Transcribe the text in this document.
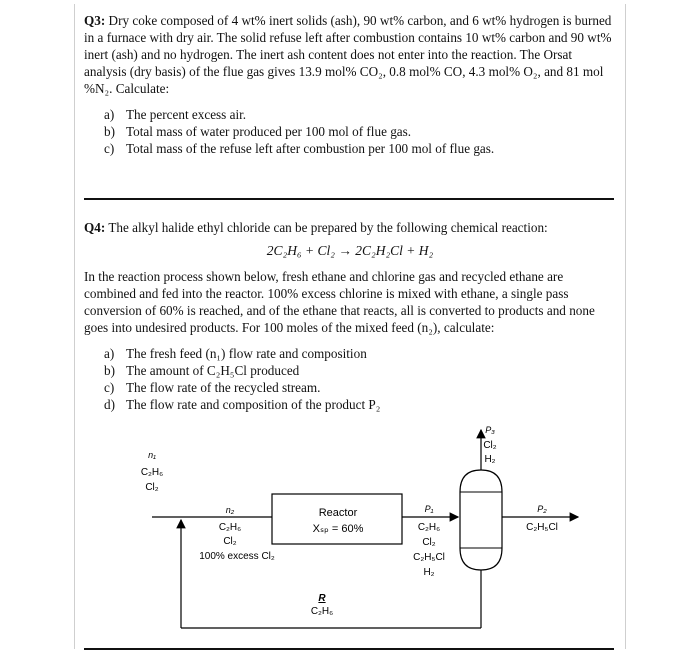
Q3: Dry coke composed of 4 wt% inert solids (ash), 90 wt% carbon, and 6 wt% hydrogen is burned in a furnace with dry air. The solid refuse left after combustion contains 10 wt% carbon and 90 wt% inert (ash) and no hydrogen. The inert ash content does not enter into the reaction. The Orsat analysis (dry basis) of the flue gas gives 13.9 mol% CO₂, 0.8 mol% CO, 4.3 mol% O₂, and 81 mol %N₂. Calculate:

a) The percent excess air.
b) Total mass of water produced per 100 mol of flue gas.
c) Total mass of the refuse left after combustion per 100 mol of flue gas.

Q4: The alkyl halide ethyl chloride can be prepared by the following chemical reaction:

2C₂H₆ + Cl₂ → 2C₂H₂Cl + H₂

In the reaction process shown below, fresh ethane and chlorine gas and recycled ethane are combined and fed into the reactor. 100% excess chlorine is mixed with ethane, a single pass conversion of 60% is reached, and of the ethane that reacts, all is converted to products and none goes into undesired products. For 100 moles of the mixed feed (n₂), calculate:

a) The fresh feed (n₁) flow rate and composition
b) The amount of C₂H₅Cl produced
c) The flow rate of the recycled stream.
d) The flow rate and composition of the product P₂
n₁
C₂H₆
Cl₂
n₂
C₂H₆
Cl₂
100% excess Cl₂
Reactor
Xₛₚ = 60%
P₁
C₂H₆
Cl₂
C₂H₅Cl
H₂
P₃
Cl₂
H₂
P₂
C₂H₅Cl
R
C₂H₆
